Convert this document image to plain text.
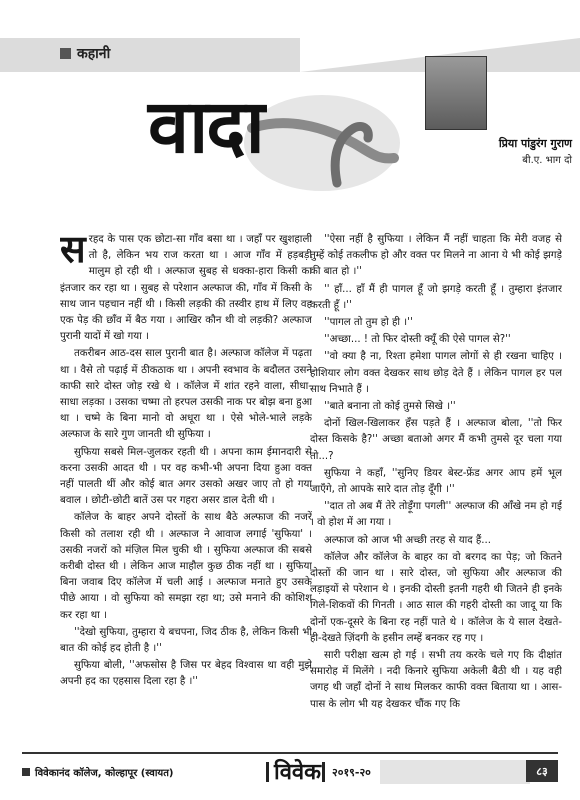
कहानी
वादा	प्रिया पांडुरंग गुराण
बी.ए. भाग दो

सरहद के पास एक छोटा-सा गाँव बसा था । जहाँ पर खुशहाली तो है, लेकिन भय राज करता था । आज गाँव में हड़बड़ी मालुम हो रही थी । अल्फाज सुबह से धक्का-हारा किसी का इंतजार कर रहा था । सुबह से परेशान अल्फाज की, गाँव में किसी के साथ जान पहचान नहीं थी । किसी लड़की की तस्वीर हाथ में लिए वह एक पेड़ की छाँव में बैठ गया । आखिर कौन थी वो लड़की? अल्फाज पुरानी यादों में खो गया ।

तकरीबन आठ-दस साल पुरानी बात है। अल्फाज कॉलेज में पढ़ता था । वैसे तो पढ़ाई में ठीकठाक था । अपनी स्वभाव के बदौलत उसने काफी सारे दोस्त जोड़ रखे थे । कॉलेज में शांत रहने वाला, सीधा-साधा लड़का । उसका चष्मा तो हरपल उसकी नाक पर बोझ बना हुआ था । चष्मे के बिना मानो वो अधूरा था । ऐसे भोले-भाले लड़के अल्फाज के सारे गुण जानती थी सुफिया ।

सुफिया सबसे मिल-जुलकर रहती थी । अपना काम ईमानदारी से करना उसकी आदत थी । पर वह कभी-भी अपना दिया हुआ वक्त नहीं पालती थीं और कोई बात अगर उसको अखर जाए तो हो गया बवाल । छोटी-छोटी बातें उस पर गहरा असर डाल देती थी ।

कॉलेज के बाहर अपने दोस्तों के साथ बैठे अल्फाज की नजरें किसी को तलाश रही थी । अल्फाज ने आवाज लगाई 'सुफिया' । उसकी नजरों को मंज़िल मिल चुकी थी । सुफिया अल्फाज की सबसे करीबी दोस्त थी । लेकिन आज माहौल कुछ ठीक नहीं था । सुफिया बिना जवाब दिए कॉलेज में चली आई । अल्फाज मनाते हुए उसके पीछे आया । वो सुफिया को समझा रहा था; उसे मनाने की कोशिश कर रहा था ।

''देखो सुफिया, तुम्हारा ये बचपना, जिद ठीक है, लेकिन किसी भी बात की कोई हद होती है ।''

सुफिया बोली, ''अफसोस है जिस पर बेहद विश्वास था वही मुझे अपनी हद का एहसास दिला रहा है ।''

''ऐसा नहीं है सुफिया । लेकिन मैं नहीं चाहता कि मेरी वजह से तुम्हें कोई तकलीफ हो और वक्त पर मिलने ना आना ये भी कोई झगड़े की बात हो ।''

'' हाँ... हाँ मैं ही पागल हूँ जो झगड़े करती हूँ । तुम्हारा इंतजार करती हूँ ।''

''पागल तो तुम हो ही ।''

''अच्छा... ! तो फिर दोस्ती क्यूँ की ऐसे पागल से?''

''वो क्या है ना, रिश्ता हमेशा पागल लोगों से ही रखना चाहिए । होशियार लोग वक्त देखकर साथ छोड़ देते हैं । लेकिन पागल हर पल साथ निभाते हैं ।

''बाते बनाना तो कोई तुमसे सिखे ।''

दोनों खिल-खिलाकर हँस पड़ते हैं । अल्फाज बोला, ''तो फिर दोस्त किसके है?'' अच्छा बताओ अगर मैं कभी तुमसे दूर चला गया तो...?

सुफिया ने कहाँ, ''सुनिए डियर बेस्ट-फ्रेंड अगर आप हमें भूल जाएँगे, तो आपके सारे दात तोड़ दूँगी ।''

''दात तो अब मैं तेरे तोड़ूँगा पगली'' अल्फाज की आँखे नम हो गई । वो होश में आ गया ।

अल्फाज को आज भी अच्छी तरह से याद हैं...

कॉलेज और कॉलेज के बाहर का वो बरगद का पेड़; जो कितने दोस्तों की जान था । सारे दोस्त, जो सुफिया और अल्फाज की लड़ाइयों से परेशान थे । इनकी दोस्ती इतनी गहरी थी जितने ही इनके गिले-शिकवों की गिनती । आठ साल की गहरी दोस्ती का जादू या कि दोनों एक-दूसरे के बिना रह नहीं पाते थे । कॉलेज के ये साल देखते-ही-देखते ज़िंदगी के हसीन लम्हें बनकर रह गए ।

सारी परीक्षा खत्म हो गई । सभी तय करके चले गए कि दीक्षांत समारोह में मिलेंगे । नदी किनारे सुफिया अकेली बैठी थी । यह वही जगह थी जहाँ दोनों ने साथ मिलकर काफी वक्त बिताया था । आस-पास के लोग भी यह देखकर चौंक गए कि

विवेकानंद कॉलेज, कोल्हापूर (स्वायत)	विवेक २०१९-२०	८३
